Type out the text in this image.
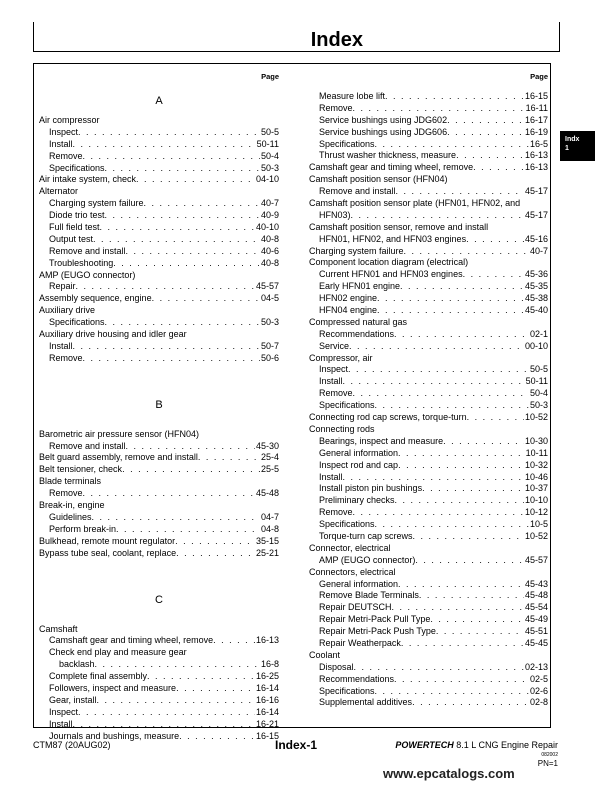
Index
Page
A
Air compressor
Inspect . . .	50-5
Install . . .	50-11
Remove . . .	50-4
Specifications . . .	50-3
Air intake system, check . . .	04-10
Alternator
Charging system failure . . .	40-7
Diode trio test . . .	40-9
Full field test . . .	40-10
Output test . . .	40-8
Remove and install . . .	40-6
Troubleshooting . . .	40-8
AMP (EUGO connector)
Repair . . .	45-57
Assembly sequence, engine . . .	04-5
Auxiliary drive
Specifications . . .	50-3
Auxiliary drive housing and idler gear
Install . . .	50-7
Remove . . .	50-6
B
Barometric air pressure sensor (HFN04)
Remove and install . . .	45-30
Belt guard assembly, remove and install . . .	25-4
Belt tensioner, check . . .	25-5
Blade terminals
Remove . . .	45-48
Break-in, engine
Guidelines . . .	04-7
Perform break-in . . .	04-8
Bulkhead, remote mount regulator . . .	35-15
Bypass tube seal, coolant, replace . . .	25-21
C
Camshaft
Camshaft gear and timing wheel, remove . . .	16-13
Check end play and measure gear
backlash . . .	16-8
Complete final assembly . . .	16-25
Followers, inspect and measure . . .	16-14
Gear, install . . .	16-16
Inspect . . .	16-14
Install . . .	16-21
Journals and bushings, measure . . .	16-15
Page
Measure lobe lift . . .	16-15
Remove . . .	16-11
Service bushings using JDG602 . . .	16-17
Service bushings using JDG606 . . .	16-19
Specifications . . .	16-5
Thrust washer thickness, measure . . .	16-13
Camshaft gear and timing wheel, remove . . .	16-13
Camshaft position sensor (HFN04)
Remove and install . . .	45-17
Camshaft position sensor plate (HFN01, HFN02, and
HFN03) . . .	45-17
Camshaft position sensor, remove and install
HFN01, HFN02, and HFN03 engines . . .	45-16
Charging system failure . . .	40-7
Component location diagram (electrical)
Current HFN01 and HFN03 engines . . .	45-36
Early HFN01 engine . . .	45-35
HFN02 engine . . .	45-38
HFN04 engine . . .	45-40
Compressed natural gas
Recommendations . . .	02-1
Service . . .	00-10
Compressor, air
Inspect . . .	50-5
Install . . .	50-11
Remove . . .	50-4
Specifications . . .	50-3
Connecting rod cap screws, torque-turn . . .	10-52
Connecting rods
Bearings, inspect and measure . . .	10-30
General information . . .	10-11
Inspect rod and cap . . .	10-32
Install . . .	10-46
Install piston pin bushings . . .	10-37
Preliminary checks . . .	10-10
Remove . . .	10-12
Specifications . . .	10-5
Torque-turn cap screws . . .	10-52
Connector, electrical
AMP (EUGO connector) . . .	45-57
Connectors, electrical
General information . . .	45-43
Remove Blade Terminals . . .	45-48
Repair DEUTSCH . . .	45-54
Repair Metri-Pack Pull Type . . .	45-49
Repair Metri-Pack Push Type . . .	45-51
Repair Weatherpack . . .	45-45
Coolant
Disposal . . .	02-13
Recommendations . . .	02-5
Specifications . . .	02-6
Supplemental additives . . .	02-8
Indx
1
CTM87 (20AUG02)	Index-1	POWERTECH 8.1 L CNG Engine Repair
082002
PN=1
www.epcatalogs.com
